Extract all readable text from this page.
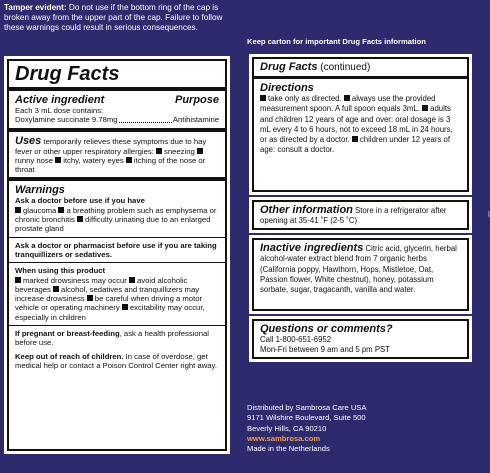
Tamper evident: Do not use if the bottom ring of the cap is broken away from the upper part of the cap. Failure to follow these warnings could result in serious consequences.
Keep carton for important Drug Facts information
Drug Facts
Active ingredient	Purpose
Each 3 mL dose contains:
Doxylamine succinate 9.78mg	Antihistamine
Uses temporarily relieves these symptoms due to hay fever or other upper respiratory allergies: sneezing runny nose itchy, watery eyes itching of the nose or throat
Warnings
Ask a doctor before use if you have
glaucoma a breathing problem such as emphysema or chronic bronchitis difficulty urinating due to an enlarged prostate gland
Ask a doctor or pharmacist before use if you are taking tranquillizers or sedatives.
When using this product
marked drowsiness may occur avoid alcoholic beverages alcohol, sedatives and tranquillizers may increase drowsiness be careful when driving a motor vehicle or operating machinery excitability may occur, especially in children
If pregnant or breast-feeding, ask a health professional before use.
Keep out of reach of children. In case of overdose, get medical help or contact a Poison Control Center right away.
Drug Facts (continued)
Directions
take only as directed. always use the provided measurement spoon. A full spoon equals 3mL. adults and children 12 years of age and over: oral dosage is 3 mL every 4 to 6 hours, not to exceed 18 mL in 24 hours, or as directed by a doctor. children under 12 years of age: consult a doctor.
Other information Store in a refrigerator after opening at 35-41 ˚F (2-5 ˚C)
Inactive ingredients Citric acid, glycerin, herbal alcohol-water extract blend from 7 organic herbs (California poppy, Hawthorn, Hops, Mistletoe, Oat, Passion flower, White chestnut), honey, potassium sorbate, sugar, tragacanth, vanilla and water.
Questions or comments?
Call 1-800-651-6952
Mon-Fri between 9 am and 5 pm PST
Distributed by Sambrosa Care USA
9171 Wilshire Boulevard, Suite 500
Beverly Hills, CA 90210
www.sambrosa.com
Made in the Netherlands
I
